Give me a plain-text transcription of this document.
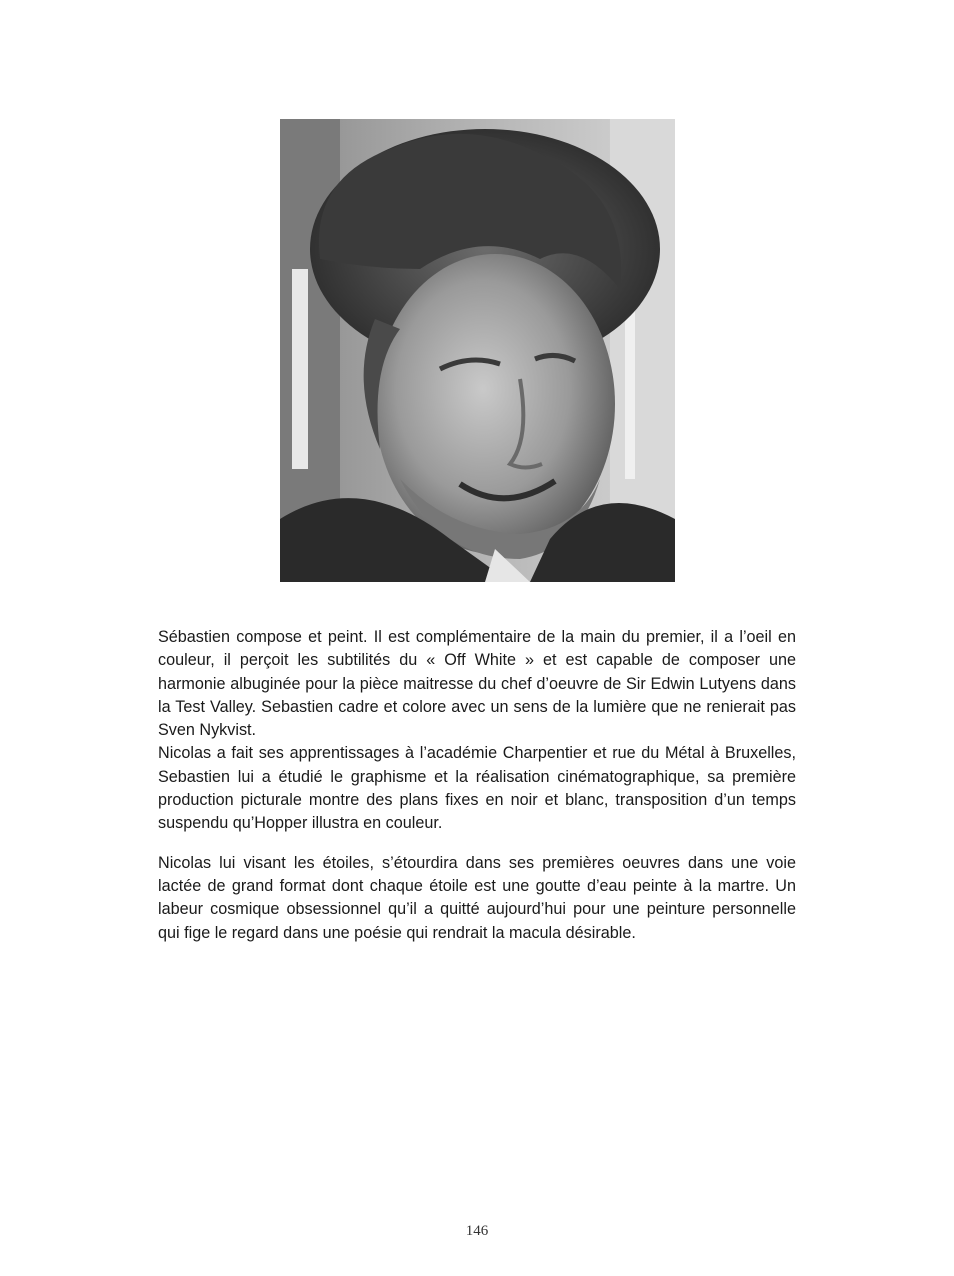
Sébastien compose et peint. Il est complémentaire de la main du premier, il a l’oeil en couleur, il perçoit les subtilités du « Off White » et est capable de composer une harmonie albuginée pour la pièce maitresse du chef d’oeuvre de Sir Edwin Lutyens dans la Test Valley. Sebastien cadre et colore avec un sens de la lumière que ne renierait pas Sven Nykvist.

Nicolas a fait ses apprentissages à l’académie Charpentier et rue du Métal à Bruxelles, Sebastien lui a étudié le graphisme et la réalisation cinématographique, sa première production picturale montre des plans fixes en noir et blanc, transposition d’un temps suspendu qu’Hopper illustra en couleur.

Nicolas lui visant les étoiles, s’étourdira dans ses premières oeuvres dans une voie lactée de grand format dont chaque étoile est une goutte d’eau peinte à la martre. Un labeur cosmique obsessionnel qu’il a quitté aujourd’hui pour une peinture personnelle qui fige le regard dans une poésie qui rendrait la macula désirable.

146
